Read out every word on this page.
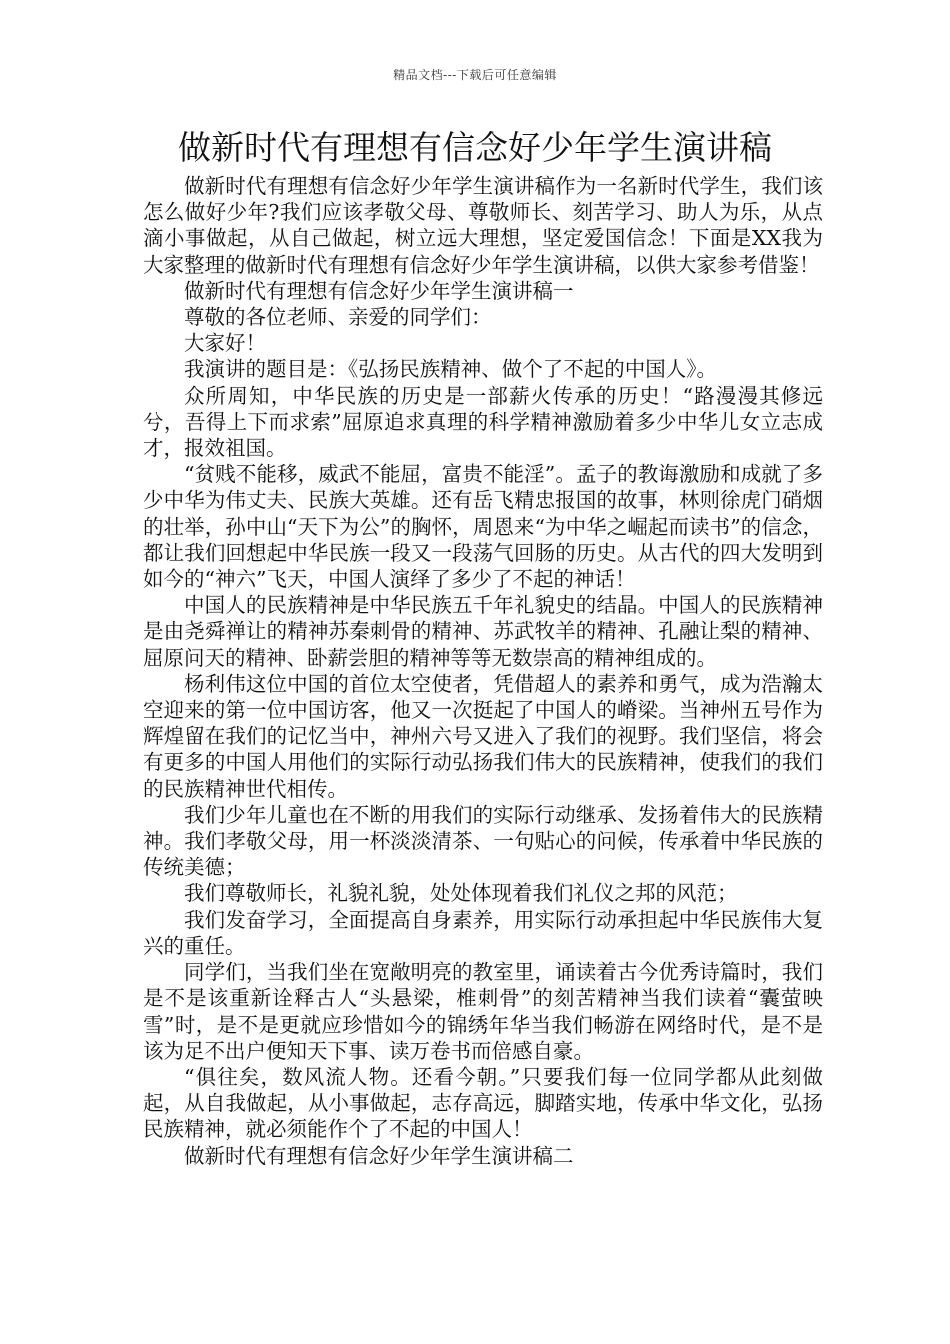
精品文档---下载后可任意编辑
做新时代有理想有信念好少年学生演讲稿

做新时代有理想有信念好少年学生演讲稿作为一名新时代学生，我们该怎么做好少年?我们应该孝敬父母、尊敬师长、刻苦学习、助人为乐，从点滴小事做起，从自己做起，树立远大理想，坚定爱国信念！下面是XX我为大家整理的做新时代有理想有信念好少年学生演讲稿，以供大家参考借鉴！

做新时代有理想有信念好少年学生演讲稿一

尊敬的各位老师、亲爱的同学们：

大家好！

我演讲的题目是：《弘扬民族精神、做个了不起的中国人》。

众所周知，中华民族的历史是一部薪火传承的历史！“路漫漫其修远兮，吾得上下而求索”屈原追求真理的科学精神激励着多少中华儿女立志成才，报效祖国。

“贫贱不能移，威武不能屈，富贵不能淫”。孟子的教诲激励和成就了多少中华为伟丈夫、民族大英雄。还有岳飞精忠报国的故事，林则徐虎门硝烟的壮举，孙中山“天下为公”的胸怀，周恩来“为中华之崛起而读书”的信念，都让我们回想起中华民族一段又一段荡气回肠的历史。从古代的四大发明到如今的“神六”飞天，中国人演绎了多少了不起的神话！

中国人的民族精神是中华民族五千年礼貌史的结晶。中国人的民族精神是由尧舜禅让的精神苏秦刺骨的精神、苏武牧羊的精神、孔融让梨的精神、屈原问天的精神、卧薪尝胆的精神等等无数崇高的精神组成的。

杨利伟这位中国的首位太空使者，凭借超人的素养和勇气，成为浩瀚太空迎来的第一位中国访客，他又一次挺起了中国人的嵴梁。当神州五号作为辉煌留在我们的记忆当中，神州六号又进入了我们的视野。我们坚信，将会有更多的中国人用他们的实际行动弘扬我们伟大的民族精神，使我们的我们的民族精神世代相传。

我们少年儿童也在不断的用我们的实际行动继承、发扬着伟大的民族精神。我们孝敬父母，用一杯淡淡清茶、一句贴心的问候，传承着中华民族的传统美德；

我们尊敬师长，礼貌礼貌，处处体现着我们礼仪之邦的风范；

我们发奋学习，全面提高自身素养，用实际行动承担起中华民族伟大复兴的重任。

同学们，当我们坐在宽敞明亮的教室里，诵读着古今优秀诗篇时，我们是不是该重新诠释古人“头悬梁，椎刺骨”的刻苦精神当我们读着“囊萤映雪”时，是不是更就应珍惜如今的锦绣年华当我们畅游在网络时代，是不是该为足不出户便知天下事、读万卷书而倍感自豪。

“俱往矣，数风流人物。还看今朝。”只要我们每一位同学都从此刻做起，从自我做起，从小事做起，志存高远，脚踏实地，传承中华文化，弘扬民族精神，就必须能作个了不起的中国人！

做新时代有理想有信念好少年学生演讲稿二
